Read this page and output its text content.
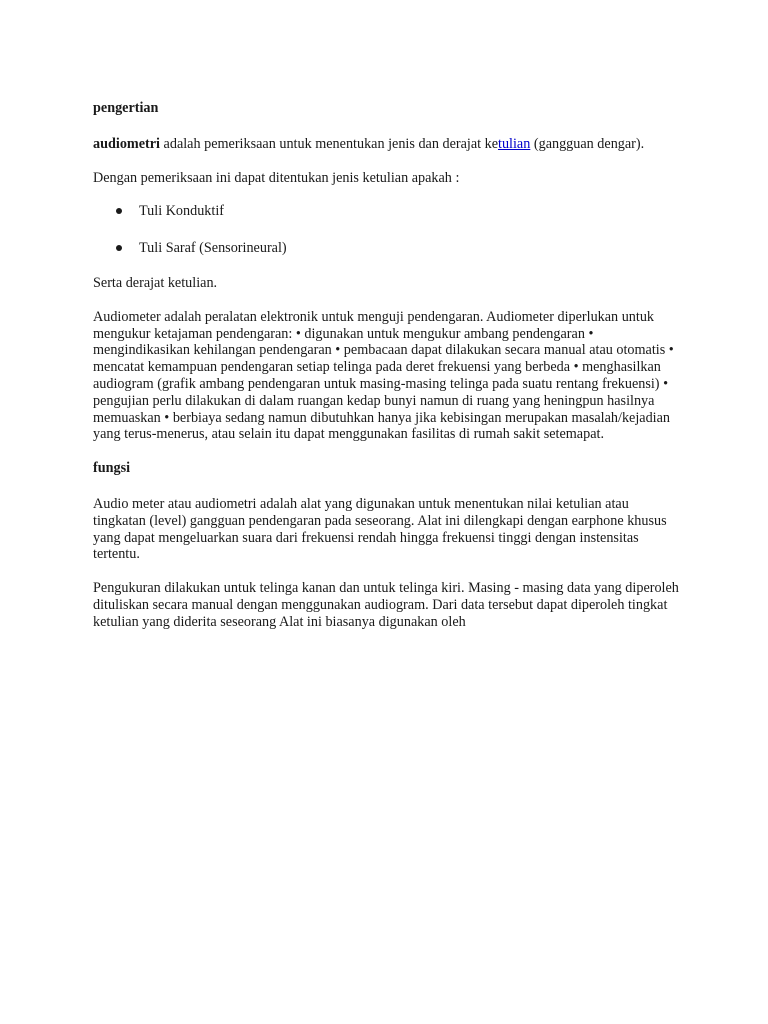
pengertian

audiometri adalah pemeriksaan untuk menentukan jenis dan derajat ketulian (gangguan dengar).

Dengan pemeriksaan ini dapat ditentukan jenis ketulian apakah :

Tuli Konduktif
Tuli Saraf (Sensorineural)

Serta derajat ketulian.

Audiometer adalah peralatan elektronik untuk menguji pendengaran. Audiometer diperlukan untuk mengukur ketajaman pendengaran: • digunakan untuk mengukur ambang pendengaran • mengindikasikan kehilangan pendengaran • pembacaan dapat dilakukan secara manual atau otomatis • mencatat kemampuan pendengaran setiap telinga pada deret frekuensi yang berbeda • menghasilkan audiogram (grafik ambang pendengaran untuk masing-masing telinga pada suatu rentang frekuensi) • pengujian perlu dilakukan di dalam ruangan kedap bunyi namun di ruang yang heningpun hasilnya memuaskan • berbiaya sedang namun dibutuhkan hanya jika kebisingan merupakan masalah/kejadian yang terus-menerus, atau selain itu dapat menggunakan fasilitas di rumah sakit setemapat.

fungsi

Audio meter atau audiometri adalah alat yang digunakan untuk menentukan nilai ketulian atau tingkatan (level) gangguan pendengaran pada seseorang. Alat ini dilengkapi dengan earphone khusus yang dapat mengeluarkan suara dari frekuensi rendah hingga frekuensi tinggi dengan instensitas tertentu.

Pengukuran dilakukan untuk telinga kanan dan untuk telinga kiri. Masing - masing data yang diperoleh dituliskan secara manual dengan menggunakan audiogram. Dari data tersebut dapat diperoleh tingkat ketulian yang diderita seseorang Alat ini biasanya digunakan oleh
